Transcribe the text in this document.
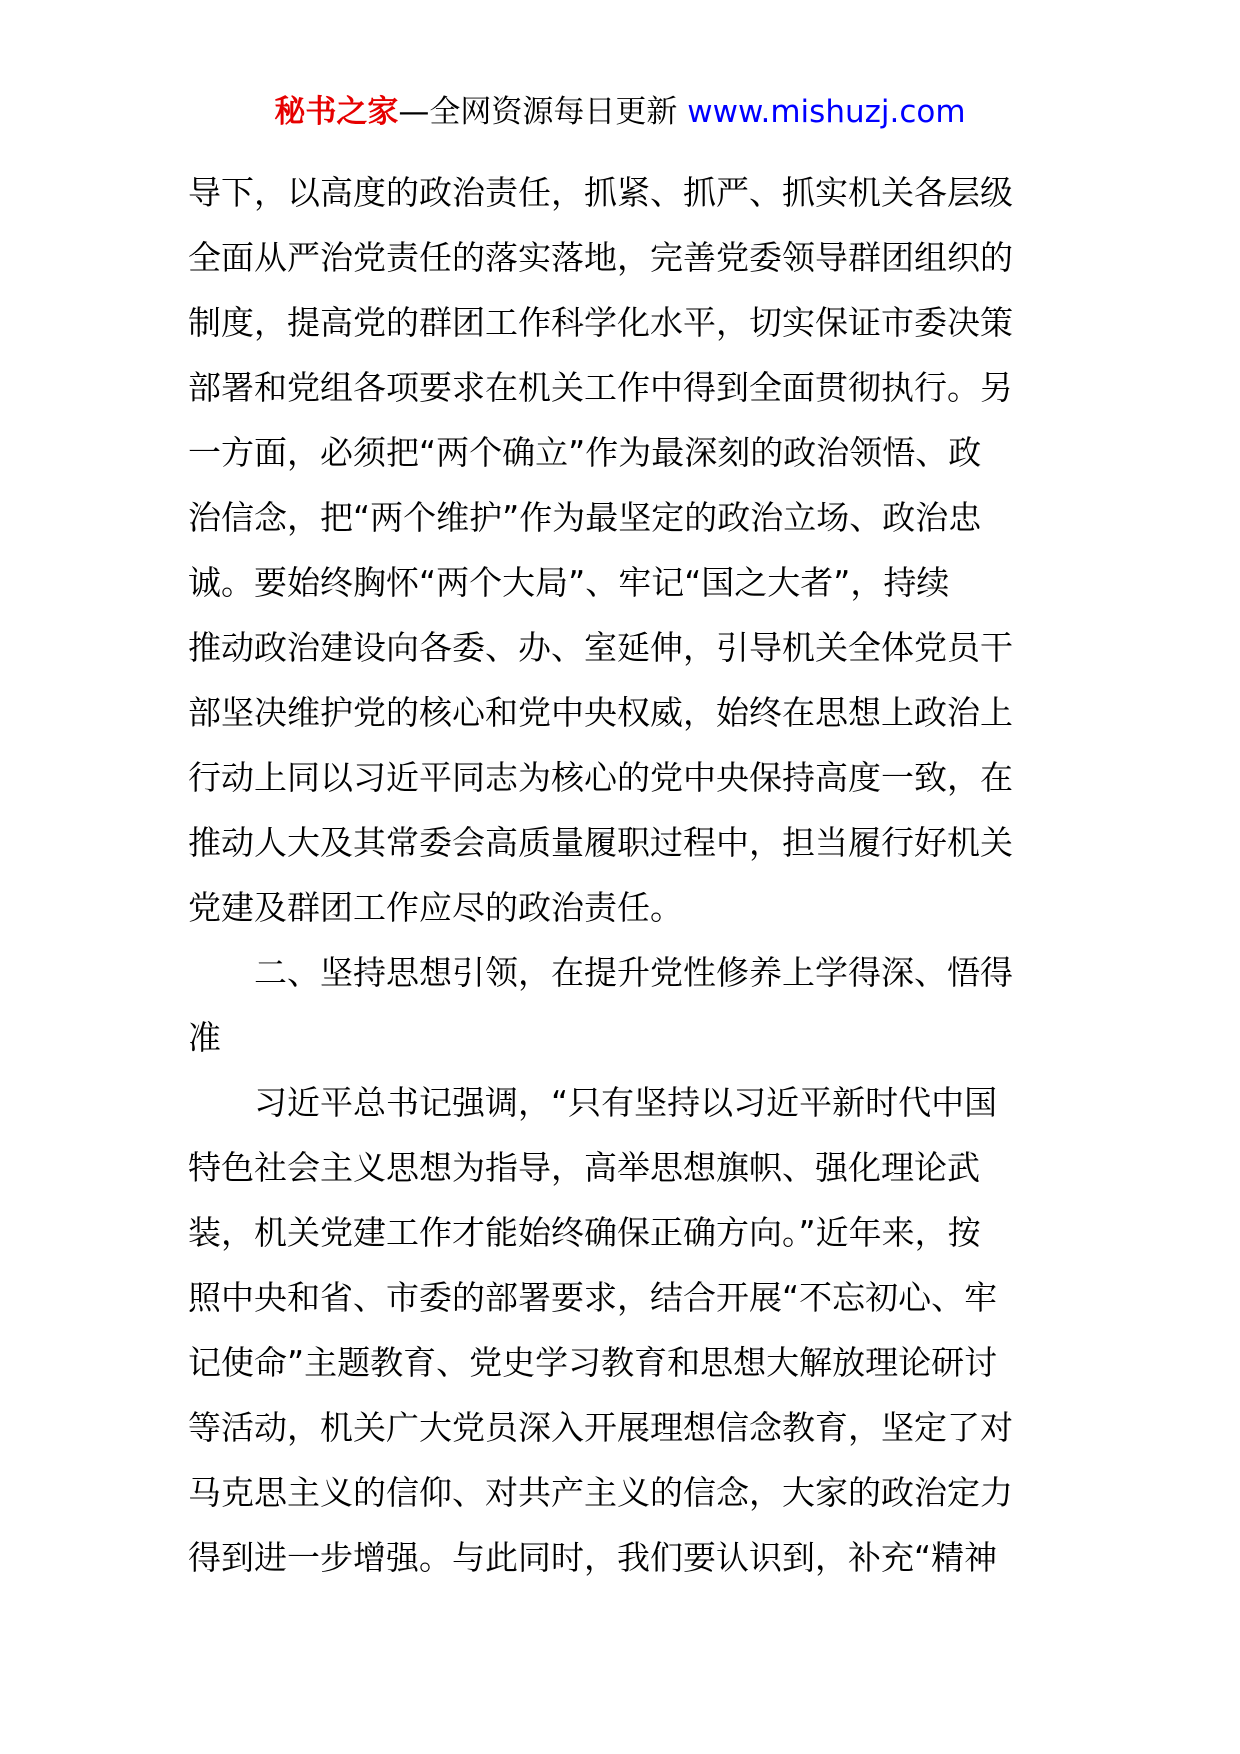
秘书之家—全网资源每日更新 www.mishuzj.com
导下，以高度的政治责任，抓紧、抓严、抓实机关各层级
全面从严治党责任的落实落地，完善党委领导群团组织的
制度，提高党的群团工作科学化水平，切实保证市委决策
部署和党组各项要求在机关工作中得到全面贯彻执行。另
一方面，必须把“两个确立”作为最深刻的政治领悟、政
治信念，把“两个维护”作为最坚定的政治立场、政治忠
诚。要始终胸怀“两个大局”、牢记“国之大者”，持续
推动政治建设向各委、办、室延伸，引导机关全体党员干
部坚决维护党的核心和党中央权威，始终在思想上政治上
行动上同以习近平同志为核心的党中央保持高度一致，在
推动人大及其常委会高质量履职过程中，担当履行好机关
党建及群团工作应尽的政治责任。
二、坚持思想引领，在提升党性修养上学得深、悟得
准
习近平总书记强调，“只有坚持以习近平新时代中国
特色社会主义思想为指导，高举思想旗帜、强化理论武
装，机关党建工作才能始终确保正确方向。”近年来，按
照中央和省、市委的部署要求，结合开展“不忘初心、牢
记使命”主题教育、党史学习教育和思想大解放理论研讨
等活动，机关广大党员深入开展理想信念教育，坚定了对
马克思主义的信仰、对共产主义的信念，大家的政治定力
得到进一步增强。与此同时，我们要认识到，补充“精神
